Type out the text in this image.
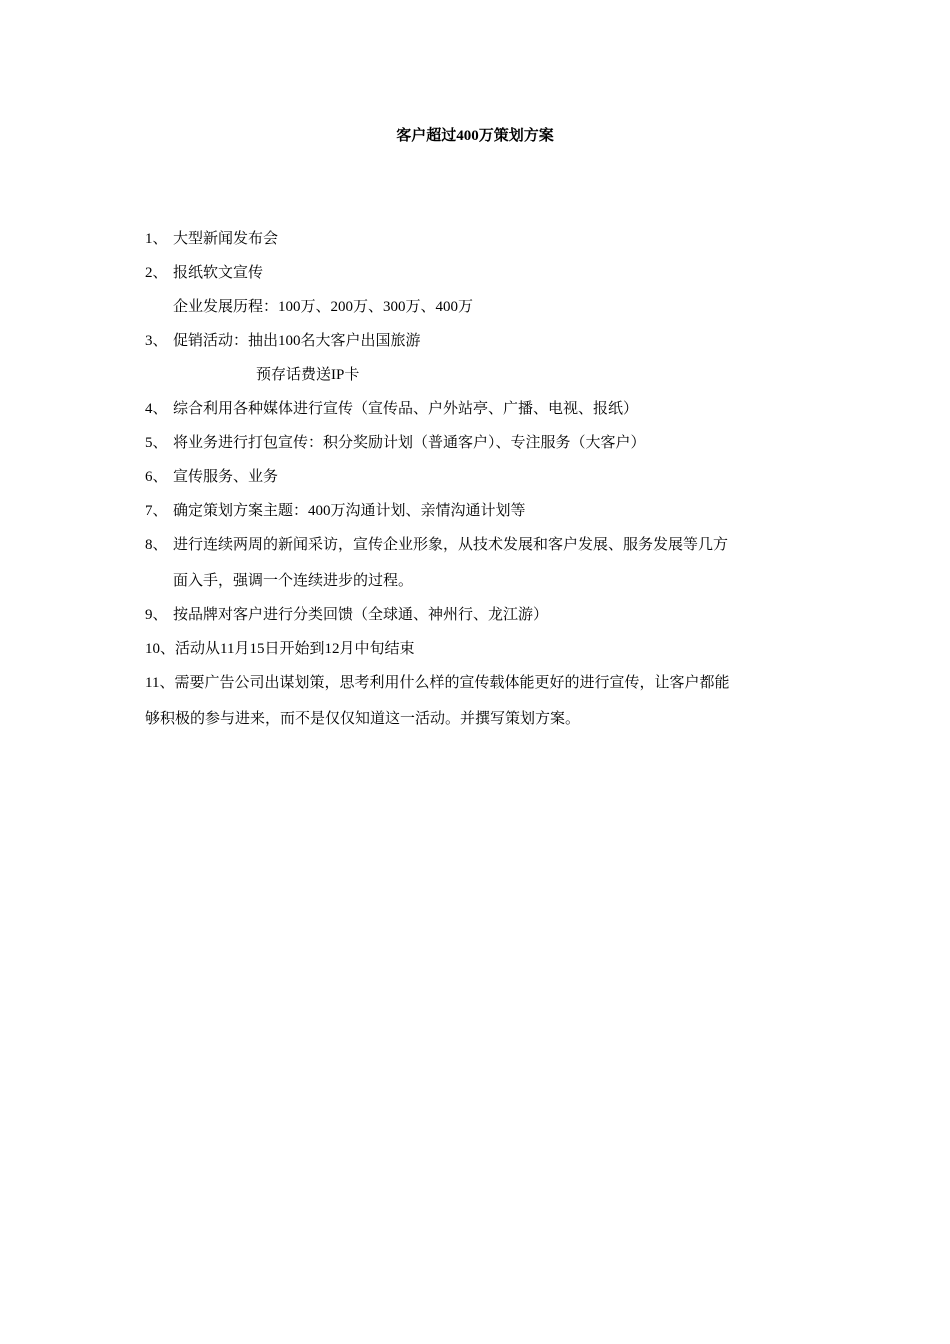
客户超过400万策划方案
1、 大型新闻发布会
2、 报纸软文宣传
企业发展历程：100万、200万、300万、400万
3、 促销活动：抽出100名大客户出国旅游
预存话费送IP卡
4、 综合利用各种媒体进行宣传（宣传品、户外站亭、广播、电视、报纸）
5、 将业务进行打包宣传：积分奖励计划（普通客户）、专注服务（大客户）
6、 宣传服务、业务
7、 确定策划方案主题：400万沟通计划、亲情沟通计划等
8、 进行连续两周的新闻采访，宣传企业形象，从技术发展和客户发展、服务发展等几方
面入手，强调一个连续进步的过程。
9、 按品牌对客户进行分类回馈（全球通、神州行、龙江游）
10、 活动从11月15日开始到12月中旬结束
11、 需要广告公司出谋划策，思考利用什么样的宣传载体能更好的进行宣传，让客户都能
够积极的参与进来，而不是仅仅知道这一活动。并撰写策划方案。
